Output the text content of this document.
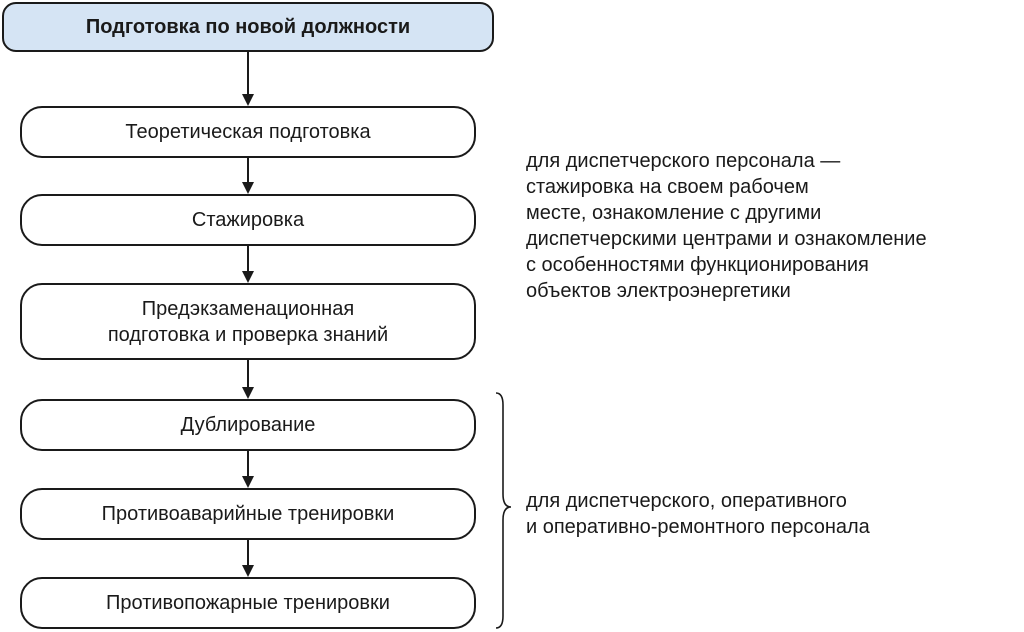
Подготовка по новой должности
Теоретическая подготовка
Стажировка
Предэкзаменационная
подготовка и проверка знаний
Дублирование
Противоаварийные тренировки
Противопожарные тренировки
для диспетчерского персонала —
стажировка на своем рабочем
месте, ознакомление с другими
диспетчерскими центрами и ознакомление
с особенностями функционирования
объектов электроэнергетики
для диспетчерского, оперативного
и оперативно-ремонтного персонала
